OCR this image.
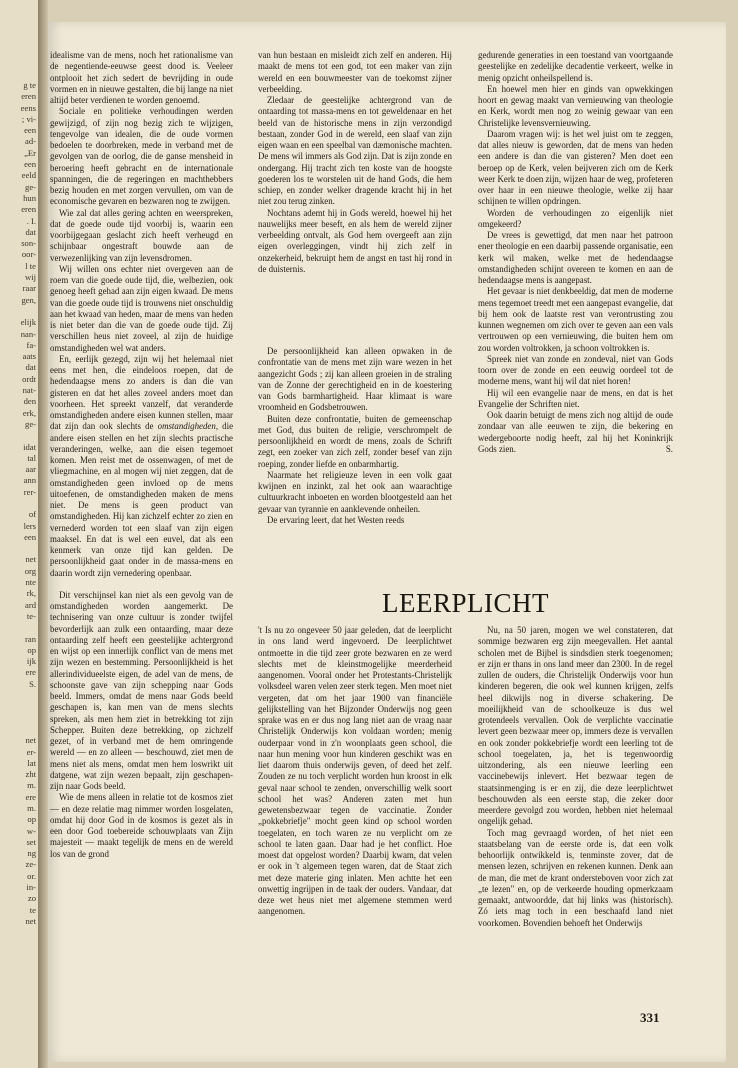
g te
eren
eens
; vi-
een
ad-
„Er
een
eeld
ge-
hun
eren
. I.
dat
son-
oor-
l te
wij
raar
gen,

elijk
nan-
fa-
aats
dat
ordt
nat-
den
erk,
ge-

idat
tal
aar
ann
rer-

of
lers
een

net
org
nte
rk,
ard
te-

ran
op
ijk
ere
S.

net
er-
lat
zht
m.
ere
m.
op
w-
set
ng
ze-
or.
in-
zo
te
net

idealisme van de mens, noch het rationalisme van de negentiende-eeuwse geest dood is. Veeleer ontplooit het zich sedert de bevrijding in oude vormen en in nieuwe gestalten, die bij lange na niet altijd beter verdienen te worden genoemd.

Sociale en politieke verhoudingen werden gewijzigd, of zijn nog bezig zich te wijzigen, tengevolge van idealen, die de oude vormen bedoelen te doorbreken, mede in verband met de gevolgen van de oorlog, die de ganse mensheid in beroering heeft gebracht en de internationale spanningen, die de regeringen en machthebbers bezig houden en met zorgen vervullen, om van de economische gevaren en bezwaren nog te zwijgen.

Wie zal dat alles gering achten en weerspreken, dat de goede oude tijd voorbij is, waarin een voorbijgegaan geslacht zich heeft verheugd en schijnbaar ongestraft bouwde aan de verwezenlijking van zijn levensdromen.

Wij willen ons echter niet overgeven aan de roem van die goede oude tijd, die, welbezien, ook genoeg heeft gehad aan zijn eigen kwaad. De mens van die goede oude tijd is trouwens niet onschuldig aan het kwaad van heden, maar de mens van heden is niet beter dan die van de goede oude tijd. Zij verschillen heus niet zoveel, al zijn de huidige omstandigheden wel wat anders.

En, eerlijk gezegd, zijn wij het helemaal niet eens met hen, die eindeloos roepen, dat de hedendaagse mens zo anders is dan die van gisteren en dat het alles zoveel anders moet dan voorheen. Het spreekt vanzelf, dat veranderde omstandigheden andere eisen kunnen stellen, maar dat zijn dan ook slechts de omstandigheden, die andere eisen stellen en het zijn slechts practische veranderingen, welke, aan die eisen tegemoet komen. Men reist met de ossenwagen, of met de vliegmachine, en al mogen wij niet zeggen, dat de omstandigheden geen invloed op de mens uitoefenen, de omstandigheden maken de mens niet. De mens is geen product van omstandigheden. Hij kan zichzelf echter zo zien en vernederd worden tot een slaaf van zijn eigen maaksel. En dat is wel een euvel, dat als een kenmerk van onze tijd kan gelden. De persoonlijkheid gaat onder in de massa-mens en daarin wordt zijn vernedering openbaar.

Dit verschijnsel kan niet als een gevolg van de omstandigheden worden aangemerkt. De technisering van onze cultuur is zonder twijfel bevorderlijk aan zulk een ontaarding, maar deze ontaarding zelf heeft een geestelijke achtergrond en wijst op een innerlijk conflict van de mens met zijn wezen en bestemming. Persoonlijkheid is het allerindividueelste eigen, de adel van de mens, de schoonste gave van zijn schepping naar Gods beeld. Immers, omdat de mens naar Gods beeld geschapen is, kan men van de mens slechts spreken, als men hem ziet in betrekking tot zijn Schepper. Buiten deze betrekking, op zichzelf gezet, of in verband met de hem omringende wereld — en zo alleen — beschouwd, ziet men de mens niet als mens, omdat men hem loswrikt uit datgene, wat zijn wezen bepaalt, zijn geschapen-zijn naar Gods beeld.

Wie de mens alleen in relatie tot de kosmos ziet — en deze relatie mag nimmer worden losgelaten, omdat hij door God in de kosmos is gezet als in een door God toebereide schouwplaats van Zijn majesteit — maakt tegelijk de mens en de wereld los van de grond

van hun bestaan en misleidt zich zelf en anderen. Hij maakt de mens tot een god, tot een maker van zijn wereld en een bouwmeester van de toekomst zijner verbeelding.

Zledaar de geestelijke achtergrond van de ontaarding tot massa-mens en tot geweldenaar en het beeld van de historische mens in zijn verzondigd bestaan, zonder God in de wereld, een slaaf van zijn eigen waan en een speelbal van dæmonische machten. De mens wil immers als God zijn. Dat is zijn zonde en ondergang. Hij tracht zich ten koste van de hoogste goederen los te worstelen uit de hand Gods, die hem schiep, en zonder welker dragende kracht hij in het niet zou terug zinken.

Nochtans ademt hij in Gods wereld, hoewel hij het nauwelijks meer beseft, en als hem de wereld zijner verbeelding ontvalt, als God hem overgeeft aan zijn eigen overleggingen, vindt hij zich zelf in onzekerheid, bekruipt hem de angst en tast hij rond in de duisternis.

De persoonlijkheid kan alleen opwaken in de confrontatie van de mens met zijn ware wezen in het aangezicht Gods ; zij kan alleen groeien in de straling van de Zonne der gerechtigheid en in de koestering van Gods barmhartigheid. Haar klimaat is ware vroomheid en Godsbetrouwen.

Buiten deze confrontatie, buiten de gemeenschap met God, dus buiten de religie, verschrompelt de persoonlijkheid en wordt de mens, zoals de Schrift zegt, een zoeker van zich zelf, zonder besef van zijn roeping, zonder liefde en onbarmhartig.

Naarmate het religieuze leven in een volk gaat kwijnen en inzinkt, zal het ook aan waarachtige cultuurkracht inboeten en worden blootgesteld aan het gevaar van tyrannie en aanklevende onheilen.

De ervaring leert, dat het Westen reeds

gedurende generaties in een toestand van voortgaande geestelijke en zedelijke decadentie verkeert, welke in menig opzicht onheilspellend is.

En hoewel men hier en ginds van opwekkingen hoort en gewag maakt van vernieuwing van theologie en Kerk, wordt men nog zo weinig gewaar van een Christelijke levensvernieuwing.

Daarom vragen wij: is het wel juist om te zeggen, dat alles nieuw is geworden, dat de mens van heden een andere is dan die van gisteren? Men doet een beroep op de Kerk, velen beijveren zich om de Kerk weer Kerk te doen zijn, wijzen haar de weg, profeteren over haar in een nieuwe theologie, welke zij haar schijnen te willen opdringen.

Worden de verhoudingen zo eigenlijk niet omgekeerd?

De vrees is gewettigd, dat men naar het patroon ener theologie en een daarbij passende organisatie, een kerk wil maken, welke met de hedendaagse omstandigheden schijnt overeen te komen en aan de hedendaagse mens is aangepast.

Het gevaar is niet denkbeeldig, dat men de moderne mens tegemoet treedt met een aangepast evangelie, dat bij hem ook de laatste rest van verontrusting zou kunnen wegnemen om zich over te geven aan een vals vertrouwen op een vernieuwing, die buiten hem om zou worden voltrokken, ja schoon voltrokken is.

Spreek niet van zonde en zondeval, niet van Gods toorn over de zonde en een eeuwig oordeel tot de moderne mens, want hij wil dat niet horen!

Hij wil een evangelie naar de mens, en dat is het Evangelie der Schriften niet.

Ook daarin betuigt de mens zich nog altijd de oude zondaar van alle eeuwen te zijn, die bekering en wedergeboorte nodig heeft, zal hij het Koninkrijk Gods zien.	S.

LEERPLICHT

't Is nu zo ongeveer 50 jaar geleden, dat de leerplicht in ons land werd ingevoerd. De leerplichtwet ontmoette in die tijd zeer grote bezwaren en ze werd slechts met de kleinstmogelijke meerderheid aangenomen. Vooral onder het Protestants-Christelijk volksdeel waren velen zeer sterk tegen. Men moet niet vergeten, dat om het jaar 1900 van financiële gelijkstelling van het Bijzonder Onderwijs nog geen sprake was en er dus nog lang niet aan de vraag naar Christelijk Onderwijs kon voldaan worden; menig ouderpaar vond in z'n woonplaats geen school, die naar hun mening voor hun kinderen geschikt was en liet daarom thuis onderwijs geven, of deed het zelf. Zouden ze nu toch verplicht worden hun kroost in elk geval naar school te zenden, onverschillig welk soort school het was? Anderen zaten met hun gewetensbezwaar tegen de vaccinatie. Zonder „pokkebriefje" mocht geen kind op school worden toegelaten, en toch waren ze nu verplicht om ze school te laten gaan. Daar had je het conflict. Hoe moest dat opgelost worden? Daarbij kwam, dat velen er ook in 't algemeen tegen waren, dat de Staat zich met deze materie ging inlaten. Men achtte het een onwettig ingrijpen in de taak der ouders. Vandaar, dat deze wet heus niet met algemene stemmen werd aangenomen.

Nu, na 50 jaren, mogen we wel constateren, dat sommige bezwaren erg zijn meegevallen. Het aantal scholen met de Bijbel is sindsdien sterk toegenomen; er zijn er thans in ons land meer dan 2300. In de regel zullen de ouders, die Christelijk Onderwijs voor hun kinderen begeren, die ook wel kunnen krijgen, zelfs heel dikwijls nog in diverse schakering. De moeilijkheid van de schoolkeuze is dus wel grotendeels vervallen. Ook de verplichte vaccinatie levert geen bezwaar meer op, immers deze is vervallen en ook zonder pokkebriefje wordt een leerling tot de school toegelaten, ja, het is tegenwoordig uitzondering, als een nieuwe leerling een vaccinebewijs inlevert. Het bezwaar tegen de staatsinmenging is er en zij, die deze leerplichtwet beschouwden als een eerste stap, die zeker door meerdere gevolgd zou worden, hebben niet helemaal ongelijk gehad.

Toch mag gevraagd worden, of het niet een staatsbelang van de eerste orde is, dat een volk behoorlijk ontwikkeld is, tenminste zover, dat de mensen lezen, schrijven en rekenen kunnen. Denk aan de man, die met de krant ondersteboven voor zich zat „te lezen" en, op de verkeerde houding opmerkzaam gemaakt, antwoordde, dat hij links was (historisch). Zó iets mag toch in een beschaafd land niet voorkomen. Bovendien behoeft het Onderwijs

331
